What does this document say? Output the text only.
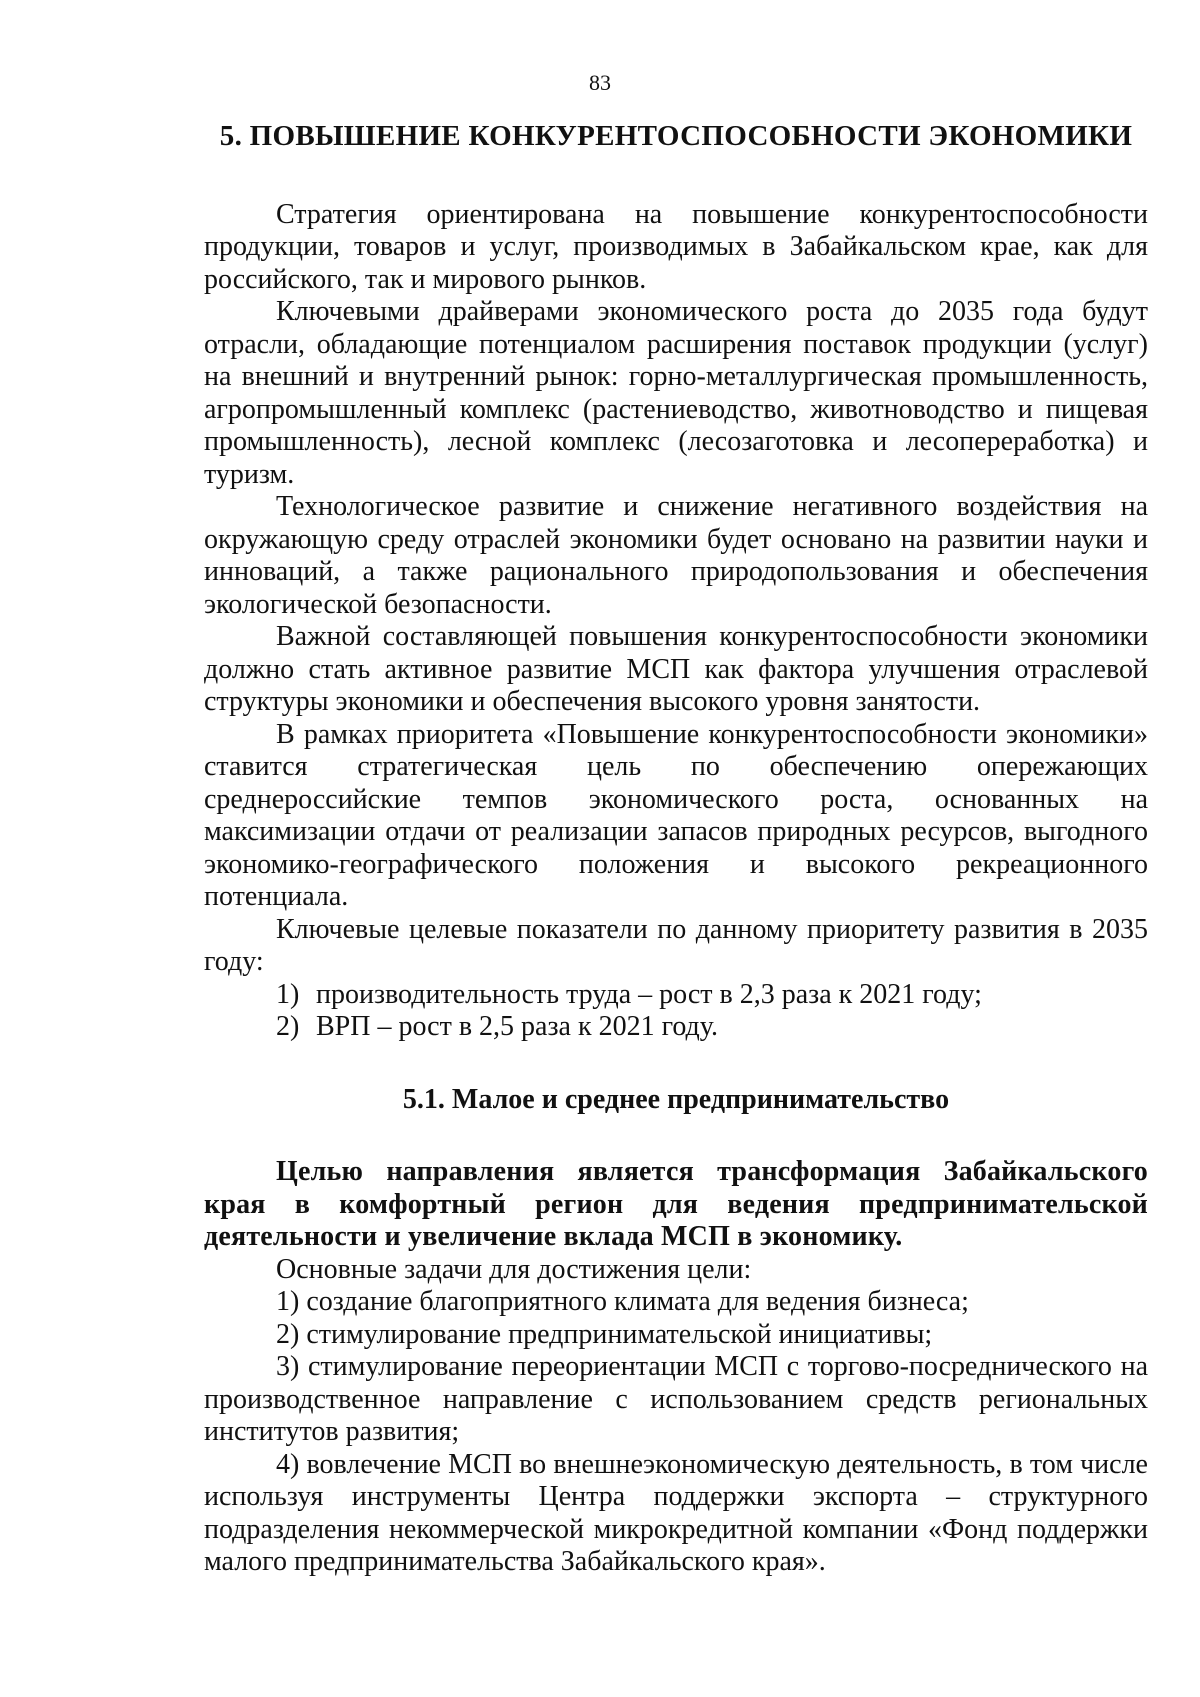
83
5. ПОВЫШЕНИЕ КОНКУРЕНТОСПОСОБНОСТИ ЭКОНОМИКИ

Стратегия ориентирована на повышение конкурентоспособности продукции, товаров и услуг, производимых в Забайкальском крае, как для российского, так и мирового рынков.

Ключевыми драйверами экономического роста до 2035 года будут отрасли, обладающие потенциалом расширения поставок продукции (услуг) на внешний и внутренний рынок: горно-металлургическая промышленность, агропромышленный комплекс (растениеводство, животноводство и пищевая промышленность), лесной комплекс (лесозаготовка и лесопереработка) и туризм.

Технологическое развитие и снижение негативного воздействия на окружающую среду отраслей экономики будет основано на развитии науки и инноваций, а также рационального природопользования и обеспечения экологической безопасности.

Важной составляющей повышения конкурентоспособности экономики должно стать активное развитие МСП как фактора улучшения отраслевой структуры экономики и обеспечения высокого уровня занятости.

В рамках приоритета «Повышение конкурентоспособности экономики» ставится стратегическая цель по обеспечению опережающих среднероссийские темпов экономического роста, основанных на максимизации отдачи от реализации запасов природных ресурсов, выгодного экономико-географического положения и высокого рекреационного потенциала.

Ключевые целевые показатели по данному приоритету развития в 2035 году:

1) производительность труда – рост в 2,3 раза к 2021 году;

2) ВРП – рост в 2,5 раза к 2021 году.

5.1. Малое и среднее предпринимательство

Целью направления является трансформация Забайкальского края в комфортный регион для ведения предпринимательской деятельности и увеличение вклада МСП в экономику.

Основные задачи для достижения цели:

1) создание благоприятного климата для ведения бизнеса;

2) стимулирование предпринимательской инициативы;

3) стимулирование переориентации МСП с торгово-посреднического на производственное направление с использованием средств региональных институтов развития;

4) вовлечение МСП во внешнеэкономическую деятельность, в том числе используя инструменты Центра поддержки экспорта – структурного подразделения некоммерческой микрокредитной компании «Фонд поддержки малого предпринимательства Забайкальского края».
